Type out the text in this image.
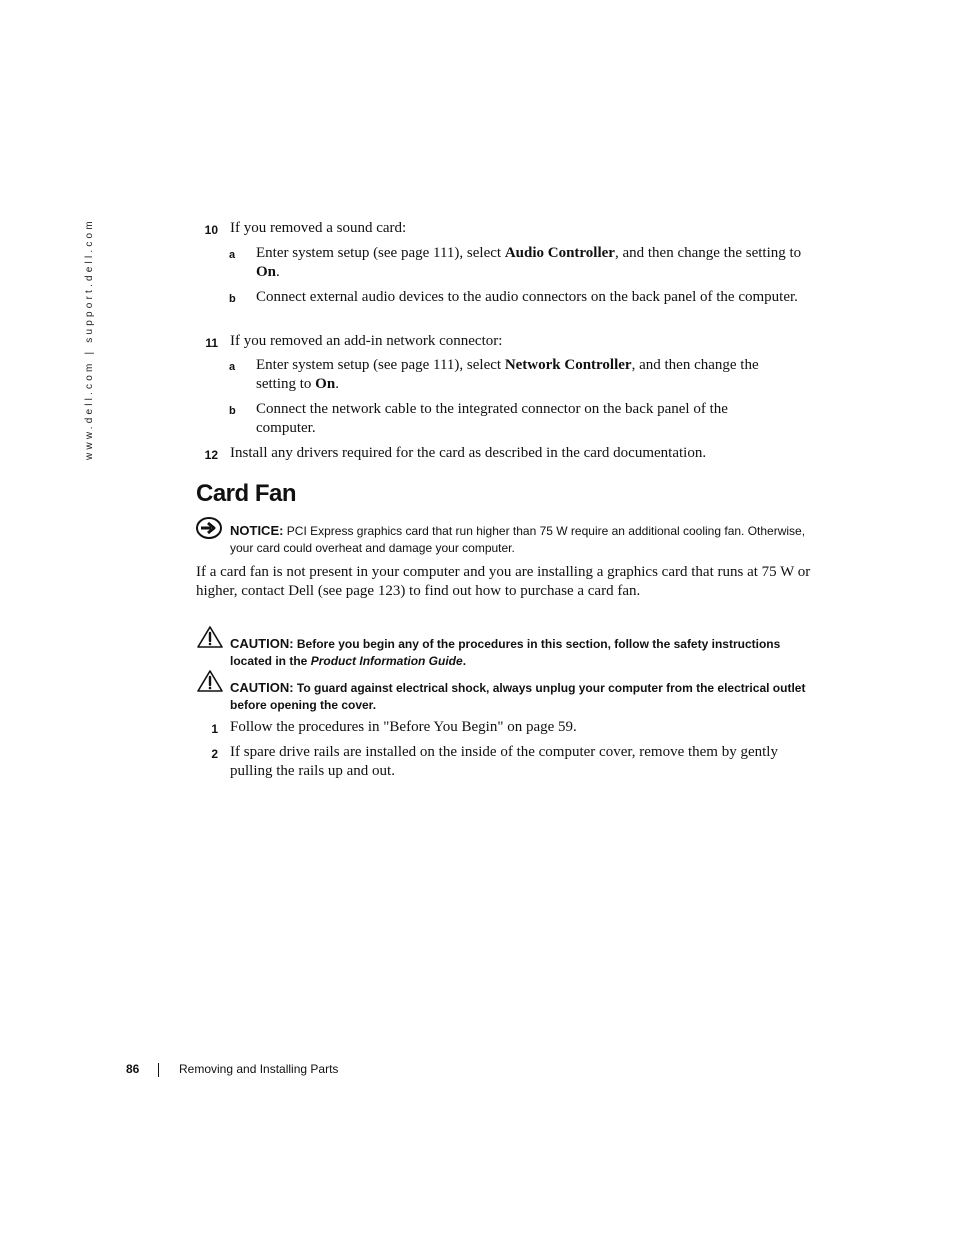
www.dell.com | support.dell.com	10 If you removed a sound card:
a	Enter system setup (see page 111), select Audio Controller, and then change the setting to On.
b	Connect external audio devices to the audio connectors on the back panel of the computer.
11 If you removed an add-in network connector:
a	Enter system setup (see page 111), select Network Controller, and then change the setting to On.
b	Connect the network cable to the integrated connector on the back panel of the computer.
12 Install any drivers required for the card as described in the card documentation.
Card Fan
NOTICE: PCI Express graphics card that run higher than 75 W require an additional cooling fan. Otherwise, your card could overheat and damage your computer.
If a card fan is not present in your computer and you are installing a graphics card that runs at 75 W or higher, contact Dell (see page 123) to find out how to purchase a card fan.
CAUTION: Before you begin any of the procedures in this section, follow the safety instructions located in the Product Information Guide.
CAUTION: To guard against electrical shock, always unplug your computer from the electrical outlet before opening the cover.
1 Follow the procedures in "Before You Begin" on page 59.
2 If spare drive rails are installed on the inside of the computer cover, remove them by gently pulling the rails up and out.
86	Removing and Installing Parts
